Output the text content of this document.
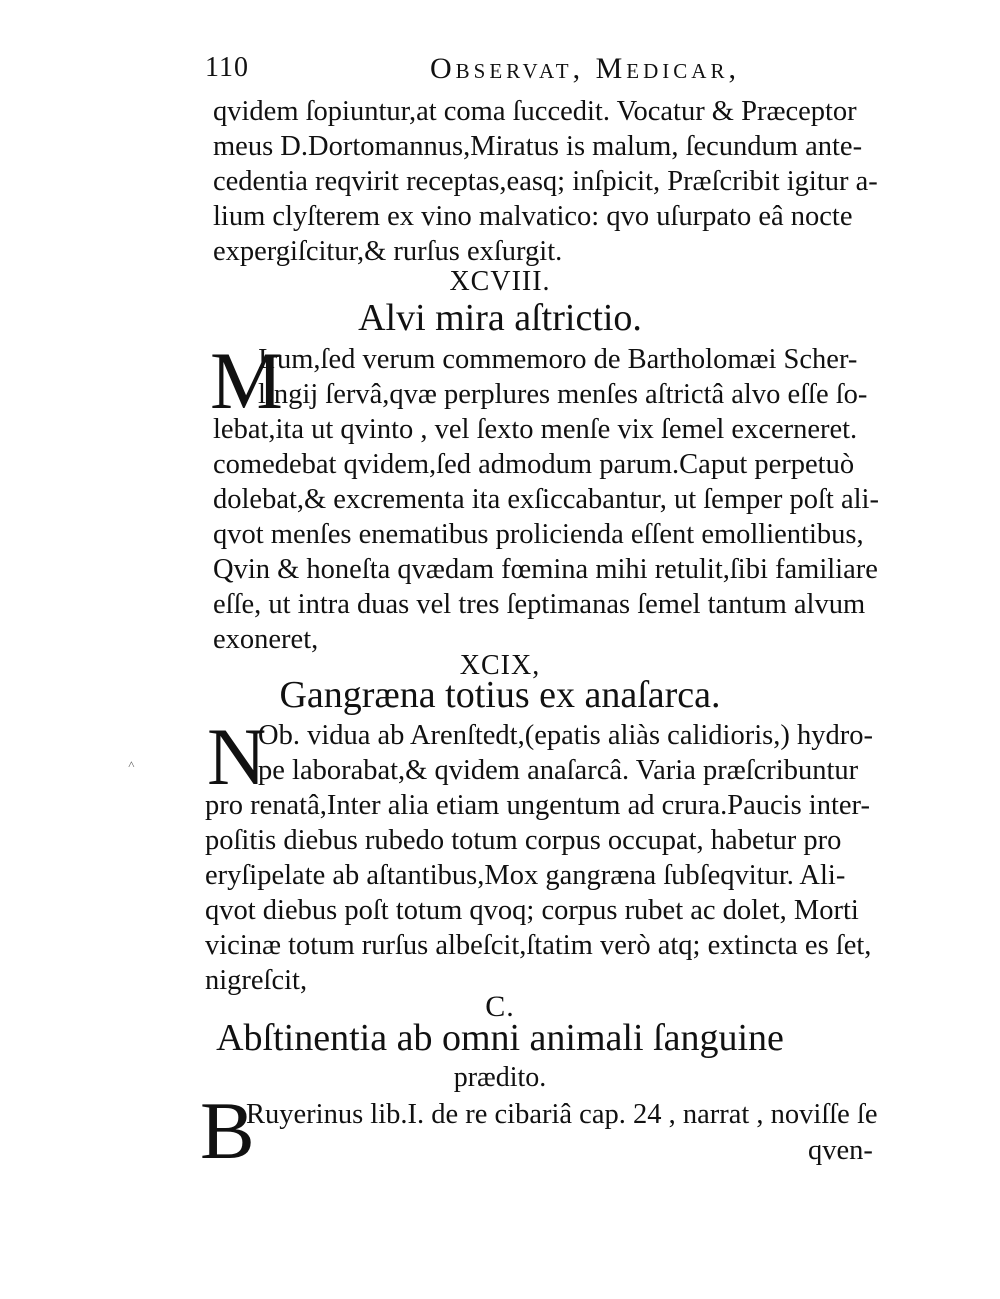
110	Observat, Medicar,
qvidem ſopiuntur,at coma ſuccedit. Vocatur & Præceptor
meus D.Dortomannus,Miratus is malum, ſecundum ante-
cedentia reqvirit receptas,easq; inſpicit, Præſcribit igitur a-
lium clyſterem ex vino malvatico: qvo uſurpato eâ nocte
expergiſcitur,& rurſus exſurgit.
XCVIII.
Alvi mira aſtrictio.
M
Irum,ſed verum commemoro de Bartholomæi Scher-
lingij ſervâ,qvæ perplures menſes aſtrictâ alvo eſſe ſo-
lebat,ita ut qvinto , vel ſexto menſe vix ſemel excerneret.
comedebat qvidem,ſed admodum parum.Caput perpetuò
dolebat,& excrementa ita exſiccabantur, ut ſemper poſt ali-
qvot menſes enematibus prolicienda eſſent emollientibus,
Qvin & honeſta qvædam fœmina mihi retulit,ſibi familiare
eſſe, ut intra duas vel tres ſeptimanas ſemel tantum alvum
exoneret,
XCIX,
Gangræna totius ex anaſarca.
N
Ob. vidua ab Arenſtedt,(epatis aliàs calidioris,) hydro-
pe laborabat,& qvidem anaſarcâ. Varia præſcribuntur
pro renatâ,Inter alia etiam ungentum ad crura.Paucis inter-
poſitis diebus rubedo totum corpus occupat, habetur pro
eryſipelate ab aſtantibus,Mox gangræna ſubſeqvitur. Ali-
qvot diebus poſt totum qvoq; corpus rubet ac dolet, Morti
vicinæ totum rurſus albeſcit,ſtatim verò atq; extincta es ſet,
nigreſcit,
˄
C.
Abſtinentia ab omni animali ſanguine
prædito.
B
Ruyerinus lib.I. de re cibariâ cap. 24 , narrat , noviſſe ſe
qven-
